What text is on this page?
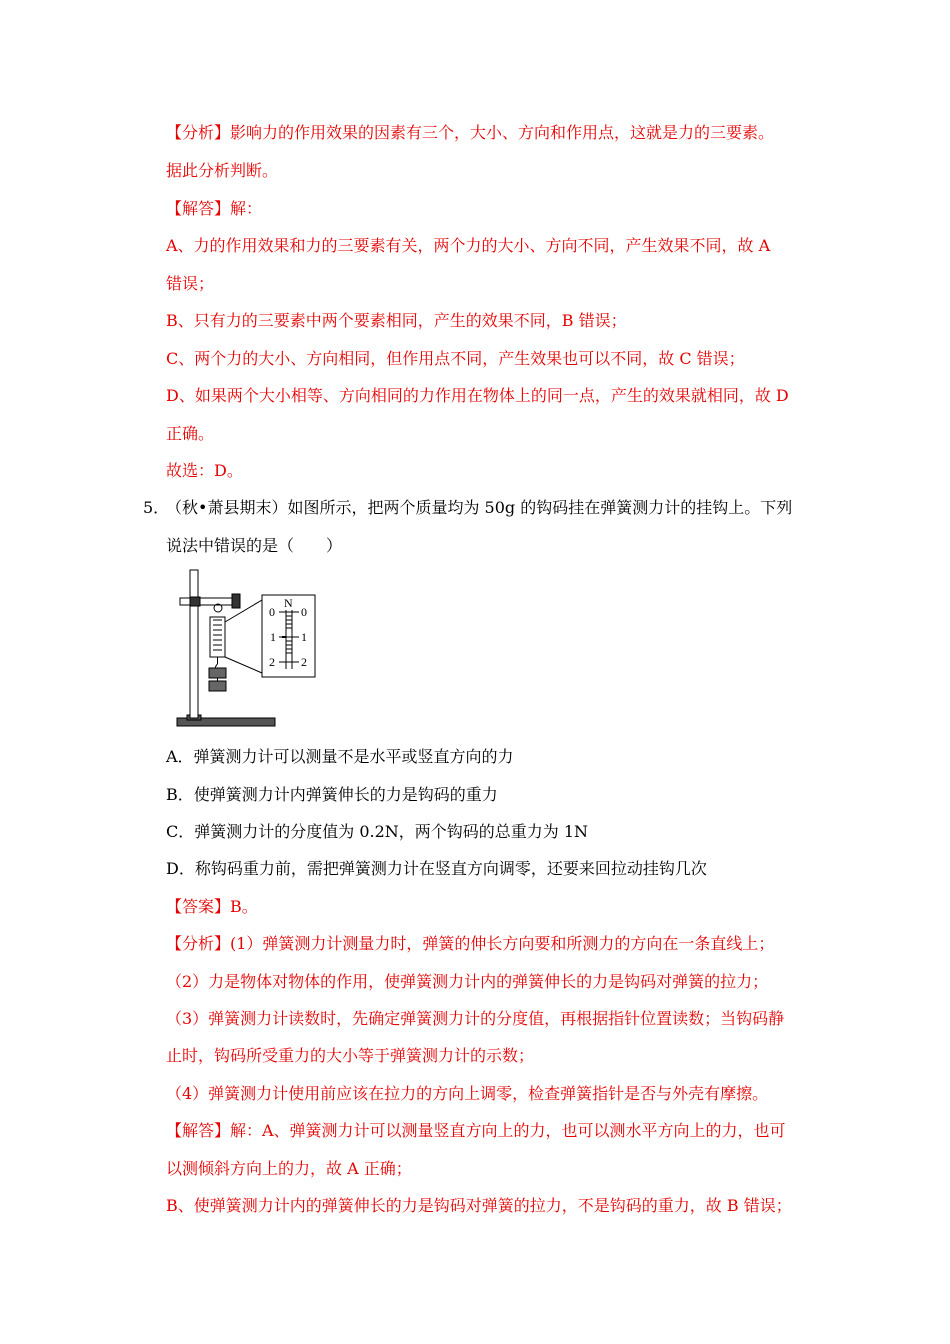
【分析】影响力的作用效果的因素有三个，大小、方向和作用点，这就是力的三要素。
据此分析判断。
【解答】解：
A、力的作用效果和力的三要素有关，两个力的大小、方向不同，产生效果不同，故 A
错误；
B、只有力的三要素中两个要素相同，产生的效果不同，B 错误；
C、两个力的大小、方向相同，但作用点不同，产生效果也可以不同，故 C 错误；
D、如果两个大小相等、方向相同的力作用在物体上的同一点，产生的效果就相同，故 D
正确。
故选：D。
5．
（秋•萧县期末）如图所示，把两个质量均为 50g 的钩码挂在弹簧测力计的挂钩上。下列
说法中错误的是（　　）
N
0
1
2
0
1
2
A．弹簧测力计可以测量不是水平或竖直方向的力
B．使弹簧测力计内弹簧伸长的力是钩码的重力
C．弹簧测力计的分度值为 0.2N，两个钩码的总重力为 1N
D．称钩码重力前，需把弹簧测力计在竖直方向调零，还要来回拉动挂钩几次
【答案】B。
【分析】(1）弹簧测力计测量力时，弹簧的伸长方向要和所测力的方向在一条直线上；
（2）力是物体对物体的作用，使弹簧测力计内的弹簧伸长的力是钩码对弹簧的拉力；
（3）弹簧测力计读数时，先确定弹簧测力计的分度值，再根据指针位置读数；当钩码静
止时，钩码所受重力的大小等于弹簧测力计的示数；
（4）弹簧测力计使用前应该在拉力的方向上调零，检查弹簧指针是否与外壳有摩擦。
【解答】解：A、弹簧测力计可以测量竖直方向上的力，也可以测水平方向上的力，也可
以测倾斜方向上的力，故 A 正确；
B、使弹簧测力计内的弹簧伸长的力是钩码对弹簧的拉力，不是钩码的重力，故 B 错误；
